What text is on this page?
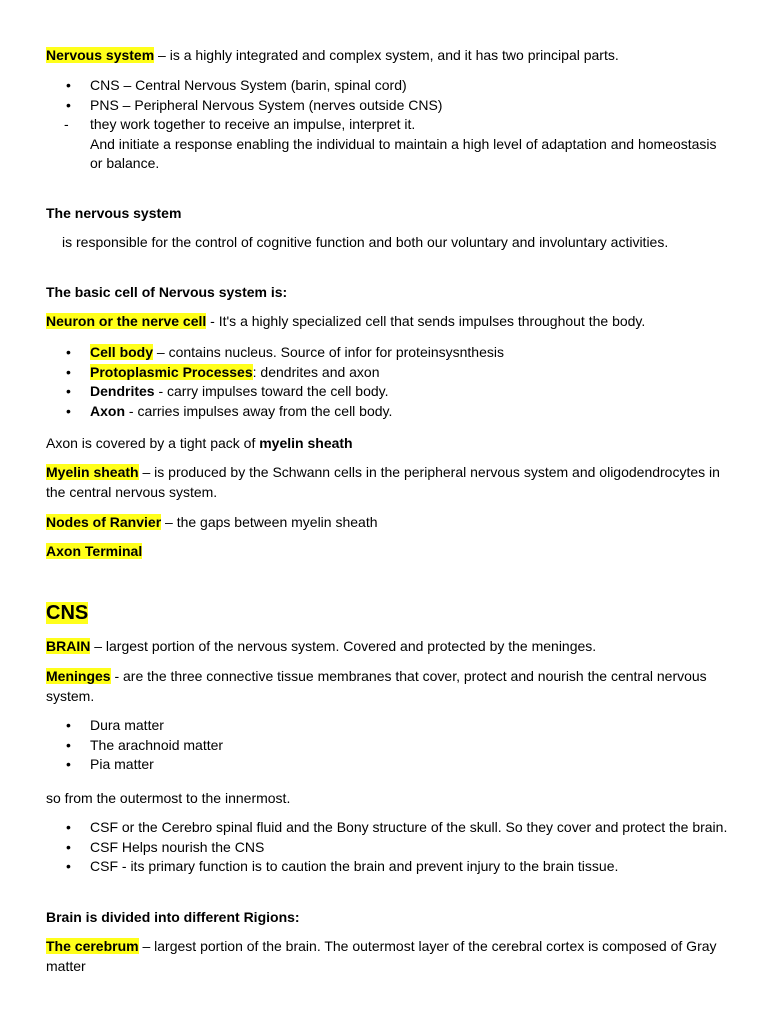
Nervous system – is a highly integrated and complex system, and it has two principal parts.
• CNS – Central Nervous System (barin, spinal cord)
• PNS – Peripheral Nervous System (nerves outside CNS)
- they work together to receive an impulse, interpret it.
And initiate a response enabling the individual to maintain a high level of adaptation and homeostasis or balance.
The nervous system
is responsible for the control of cognitive function and both our voluntary and involuntary activities.
The basic cell of Nervous system is:
Neuron or the nerve cell - It's a highly specialized cell that sends impulses throughout the body.
• Cell body – contains nucleus. Source of infor for proteinsysnthesis
• Protoplasmic Processes: dendrites and axon
• Dendrites - carry impulses toward the cell body.
• Axon - carries impulses away from the cell body.
Axon is covered by a tight pack of myelin sheath
Myelin sheath – is produced by the Schwann cells in the peripheral nervous system and oligodendrocytes in the central nervous system.
Nodes of Ranvier – the gaps between myelin sheath
Axon Terminal
CNS
BRAIN – largest portion of the nervous system. Covered and protected by the meninges.
Meninges - are the three connective tissue membranes that cover, protect and nourish the central nervous system.
• Dura matter
• The arachnoid matter
• Pia matter
so from the outermost to the innermost.
• CSF or the Cerebro spinal fluid and the Bony structure of the skull. So they cover and protect the brain.
• CSF Helps nourish the CNS
• CSF - its primary function is to caution the brain and prevent injury to the brain tissue.
Brain is divided into different Rigions:
The cerebrum – largest portion of the brain. The outermost layer of the cerebral cortex is composed of Gray matter
